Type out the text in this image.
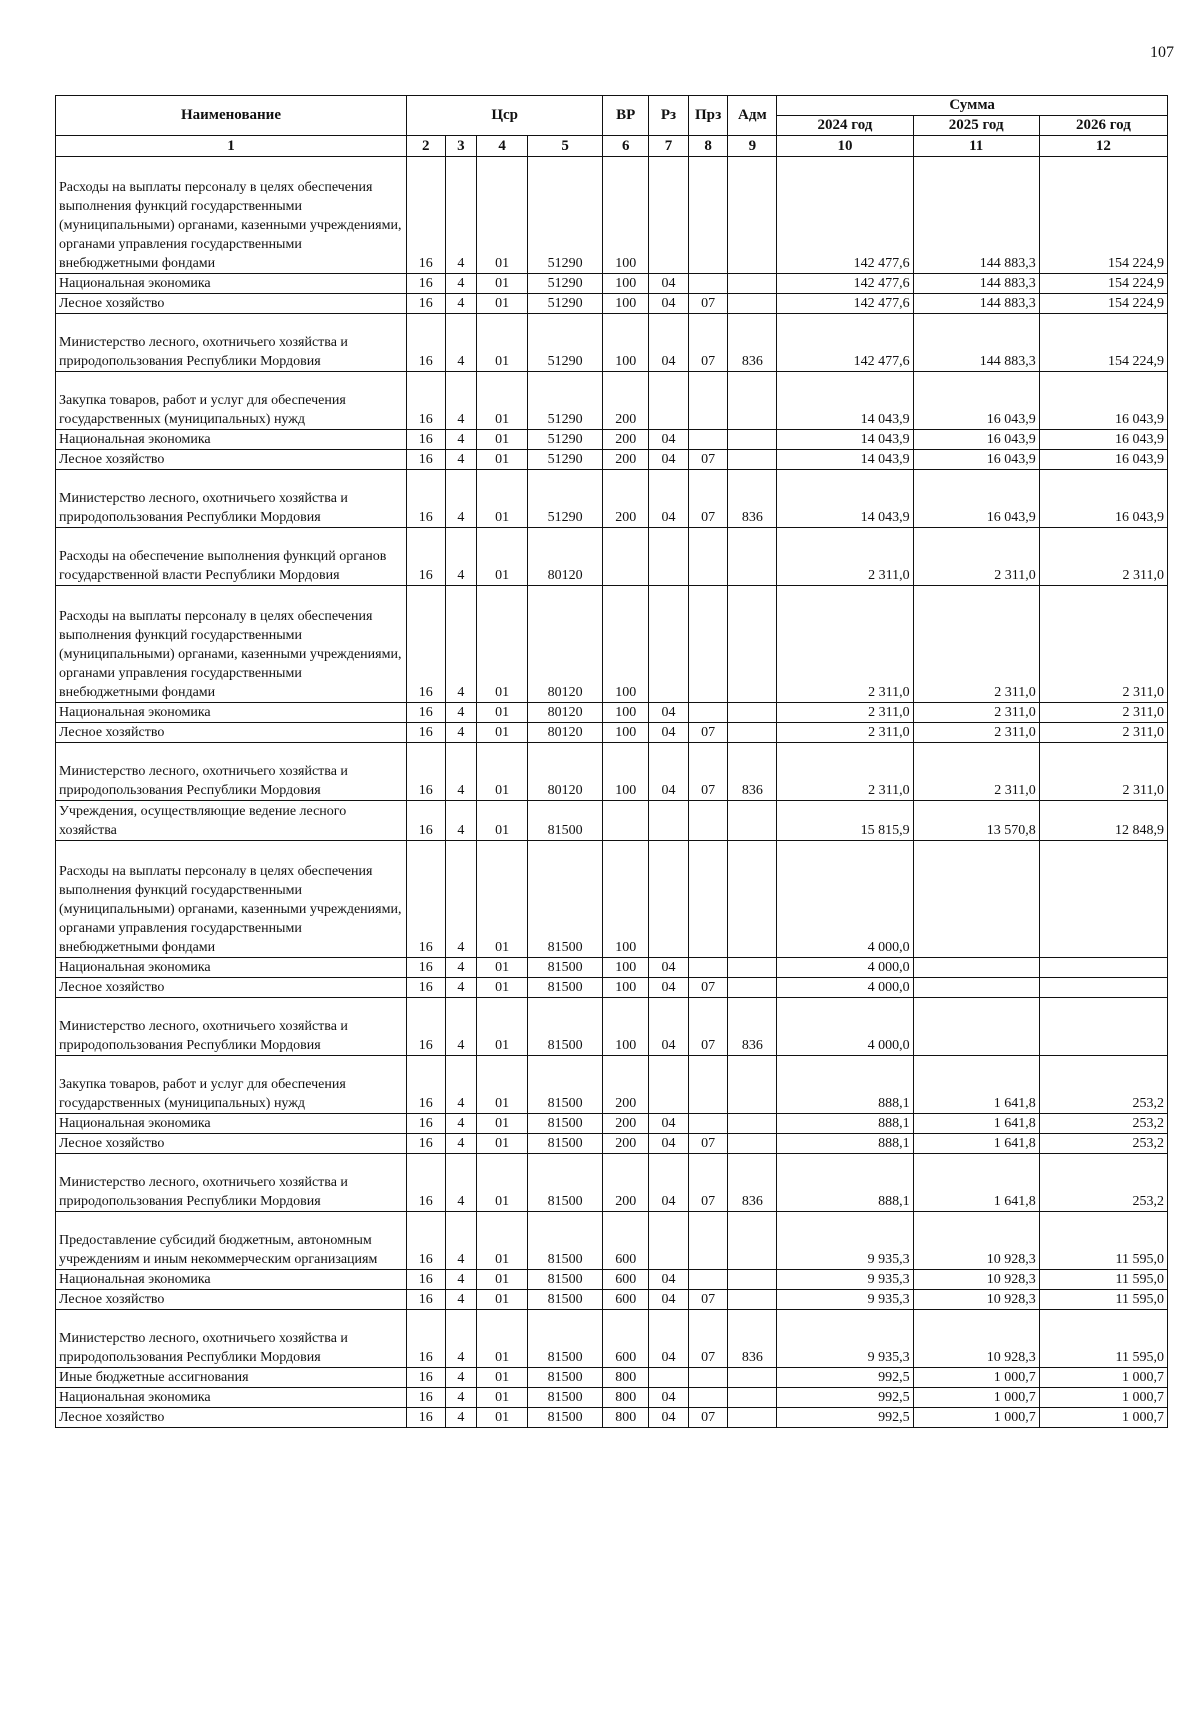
107
Наименование	Цср				ВР	Рз	Прз	Адм	Сумма		
									2024 год	2025 год	2026 год
1	2	3	4	5	6	7	8	9	10	11	12
Расходы на выплаты персоналу в целях обеспечения выполнения функций государственными (муниципальными) органами, казенными учреждениями, органами управления государственными внебюджетными фондами	16	4	01	51290	100				142 477,6	144 883,3	154 224,9
Национальная экономика	16	4	01	51290	100	04			142 477,6	144 883,3	154 224,9
Лесное хозяйство	16	4	01	51290	100	04	07		142 477,6	144 883,3	154 224,9
Министерство лесного, охотничьего хозяйства и природопользования Республики Мордовия	16	4	01	51290	100	04	07	836	142 477,6	144 883,3	154 224,9
Закупка товаров, работ и услуг для обеспечения государственных (муниципальных) нужд	16	4	01	51290	200				14 043,9	16 043,9	16 043,9
Национальная экономика	16	4	01	51290	200	04			14 043,9	16 043,9	16 043,9
Лесное хозяйство	16	4	01	51290	200	04	07		14 043,9	16 043,9	16 043,9
Министерство лесного, охотничьего хозяйства и природопользования Республики Мордовия	16	4	01	51290	200	04	07	836	14 043,9	16 043,9	16 043,9
Расходы на обеспечение выполнения функций органов государственной власти Республики Мордовия	16	4	01	80120					2 311,0	2 311,0	2 311,0
Расходы на выплаты персоналу в целях обеспечения выполнения функций государственными (муниципальными) органами, казенными учреждениями, органами управления государственными внебюджетными фондами	16	4	01	80120	100				2 311,0	2 311,0	2 311,0
Национальная экономика	16	4	01	80120	100	04			2 311,0	2 311,0	2 311,0
Лесное хозяйство	16	4	01	80120	100	04	07		2 311,0	2 311,0	2 311,0
Министерство лесного, охотничьего хозяйства и природопользования Республики Мордовия	16	4	01	80120	100	04	07	836	2 311,0	2 311,0	2 311,0
Учреждения, осуществляющие ведение лесного хозяйства	16	4	01	81500					15 815,9	13 570,8	12 848,9
Расходы на выплаты персоналу в целях обеспечения выполнения функций государственными (муниципальными) органами, казенными учреждениями, органами управления государственными внебюджетными фондами	16	4	01	81500	100				4 000,0		
Национальная экономика	16	4	01	81500	100	04			4 000,0		
Лесное хозяйство	16	4	01	81500	100	04	07		4 000,0		
Министерство лесного, охотничьего хозяйства и природопользования Республики Мордовия	16	4	01	81500	100	04	07	836	4 000,0		
Закупка товаров, работ и услуг для обеспечения государственных (муниципальных) нужд	16	4	01	81500	200				888,1	1 641,8	253,2
Национальная экономика	16	4	01	81500	200	04			888,1	1 641,8	253,2
Лесное хозяйство	16	4	01	81500	200	04	07		888,1	1 641,8	253,2
Министерство лесного, охотничьего хозяйства и природопользования Республики Мордовия	16	4	01	81500	200	04	07	836	888,1	1 641,8	253,2
Предоставление субсидий бюджетным, автономным учреждениям и иным некоммерческим организациям	16	4	01	81500	600				9 935,3	10 928,3	11 595,0
Национальная экономика	16	4	01	81500	600	04			9 935,3	10 928,3	11 595,0
Лесное хозяйство	16	4	01	81500	600	04	07		9 935,3	10 928,3	11 595,0
Министерство лесного, охотничьего хозяйства и природопользования Республики Мордовия	16	4	01	81500	600	04	07	836	9 935,3	10 928,3	11 595,0
Иные бюджетные ассигнования	16	4	01	81500	800				992,5	1 000,7	1 000,7
Национальная экономика	16	4	01	81500	800	04			992,5	1 000,7	1 000,7
Лесное хозяйство	16	4	01	81500	800	04	07		992,5	1 000,7	1 000,7
